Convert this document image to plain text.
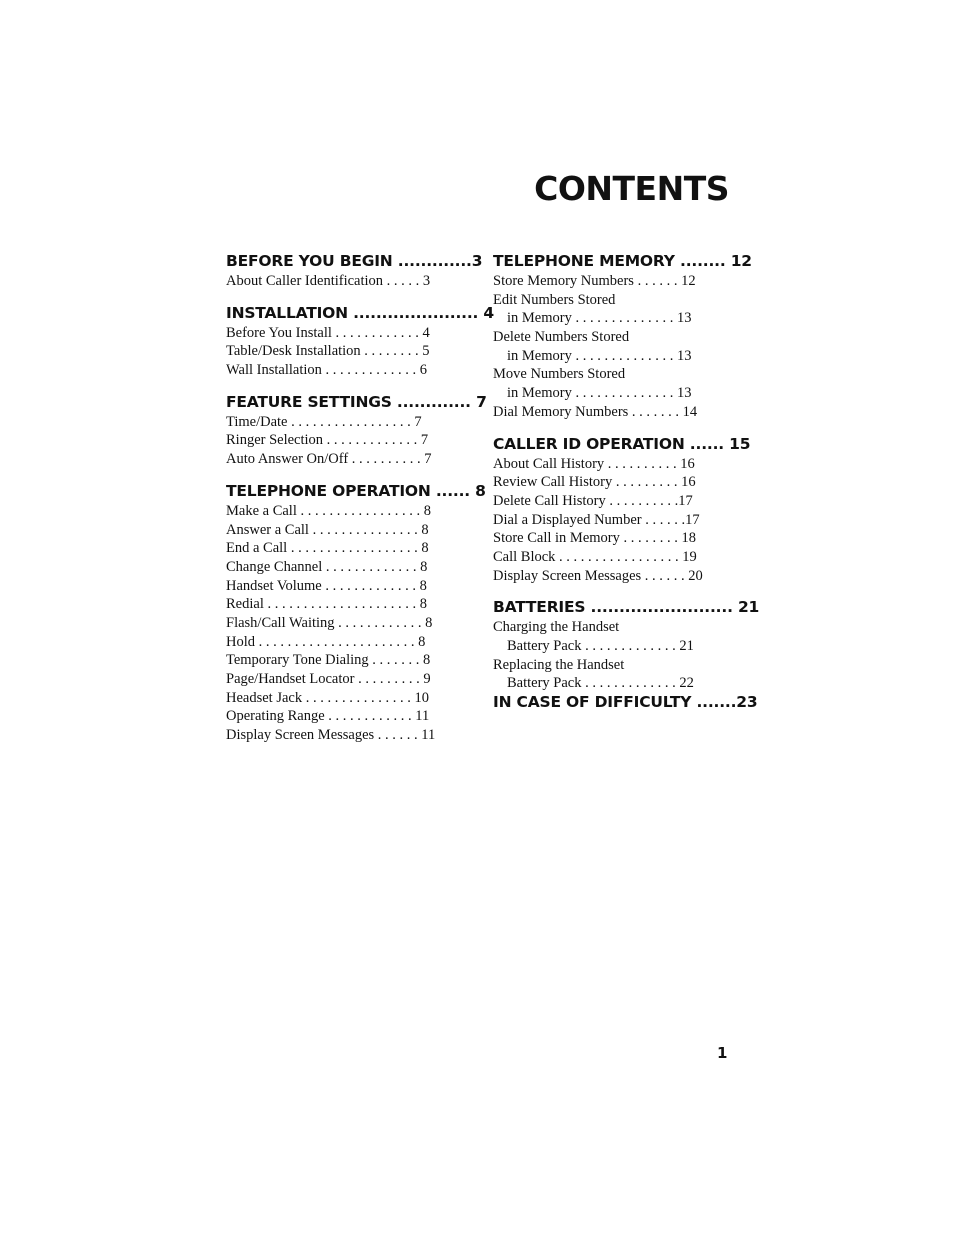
CONTENTS
BEFORE YOU BEGIN .............3
About Caller Identification . . . . . 3
INSTALLATION ...................... 4
Before You Install . . . . . . . . . . . . 4
Table/Desk Installation . . . . . . . . 5
Wall Installation . . . . . . . . . . . . . 6
FEATURE SETTINGS ............. 7
Time/Date . . . . . . . . . . . . . . . . . 7
Ringer Selection . . . . . . . . . . . . . 7
Auto Answer On/Off . . . . . . . . . . 7
TELEPHONE OPERATION ...... 8
Make a Call . . . . . . . . . . . . . . . . . 8
Answer a Call . . . . . . . . . . . . . . . 8
End a Call . . . . . . . . . . . . . . . . . . 8
Change Channel . . . . . . . . . . . . . 8
Handset Volume . . . . . . . . . . . . . 8
Redial . . . . . . . . . . . . . . . . . . . . . 8
Flash/Call Waiting . . . . . . . . . . . . 8
Hold . . . . . . . . . . . . . . . . . . . . . . 8
Temporary Tone Dialing . . . . . . . 8
Page/Handset Locator . . . . . . . . . 9
Headset Jack . . . . . . . . . . . . . . . 10
Operating Range . . . . . . . . . . . . 11
Display Screen Messages . . . . . . 11
TELEPHONE MEMORY ........ 12
Store Memory Numbers . . . . . . 12
Edit Numbers Stored
in Memory . . . . . . . . . . . . . . 13
Delete Numbers Stored
in Memory . . . . . . . . . . . . . . 13
Move Numbers Stored
in Memory . . . . . . . . . . . . . . 13
Dial Memory Numbers . . . . . . . 14
CALLER ID OPERATION ...... 15
About Call History . . . . . . . . . . 16
Review Call History . . . . . . . . . 16
Delete Call History . . . . . . . . . .17
Dial a Displayed Number . . . . . .17
Store Call in Memory . . . . . . . . 18
Call Block . . . . . . . . . . . . . . . . . 19
Display Screen Messages . . . . . . 20
BATTERIES ......................... 21
Charging the Handset
Battery Pack . . . . . . . . . . . . . 21
Replacing the Handset
Battery Pack . . . . . . . . . . . . . 22
IN CASE OF DIFFICULTY .......23
1
